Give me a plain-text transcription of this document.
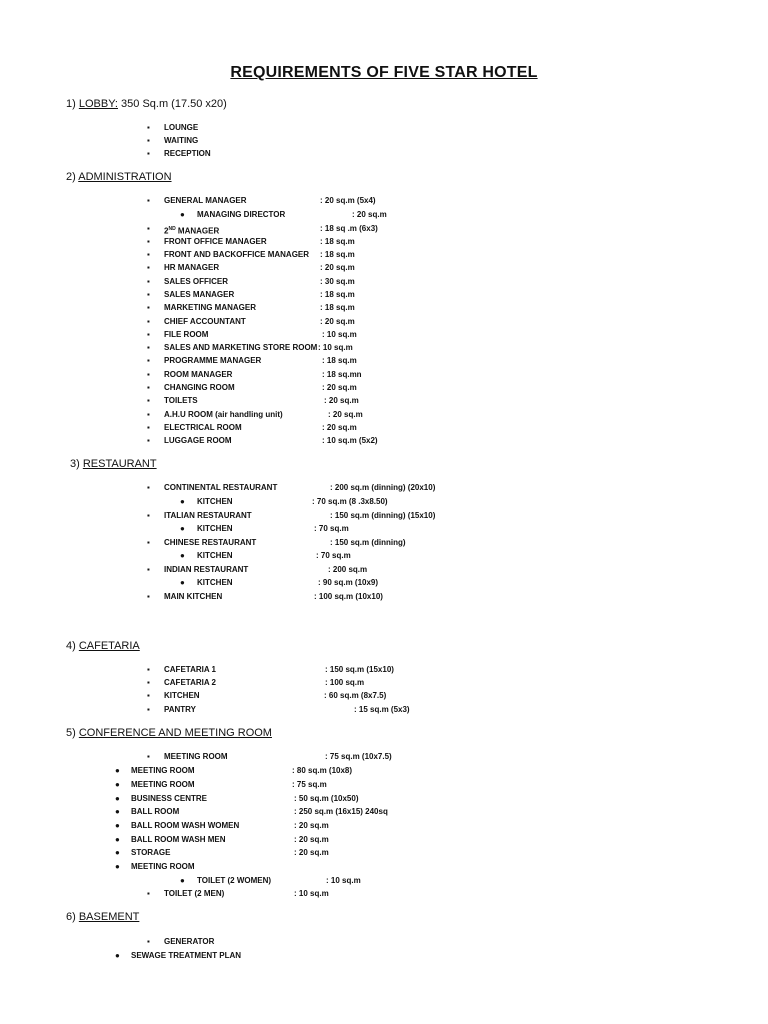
REQUIREMENTS OF FIVE STAR HOTEL
1) LOBBY: 350 Sq.m (17.50 x20)
2) ADMINISTRATION
3) RESTAURANT
4) CAFETARIA
5) CONFERENCE AND MEETING ROOM
6) BASEMENT
▪ LOUNGE
▪ WAITING
▪ RECEPTION
▪ GENERAL MANAGER	: 20 sq.m (5x4)
● MANAGING DIRECTOR	: 20 sq.m
▪ 2ND MANAGER	: 18 sq .m (6x3)
▪ FRONT OFFICE MANAGER	: 18 sq.m
▪ FRONT AND BACKOFFICE MANAGER : 18 sq.m
▪ HR MANAGER	: 20 sq.m
▪ SALES OFFICER	: 30 sq.m
▪ SALES MANAGER	: 18 sq.m
▪ MARKETING MANAGER	: 18 sq.m
▪ CHIEF ACCOUNTANT	: 20 sq.m
▪ FILE ROOM	: 10 sq.m
▪ SALES AND MARKETING STORE ROOM : 10 sq.m
▪ PROGRAMME MANAGER	: 18 sq.m
▪ ROOM MANAGER	: 18 sq.mn
▪ CHANGING ROOM	: 20 sq.m
▪ TOILETS	: 20 sq.m
▪ A.H.U ROOM (air handling unit)	: 20 sq.m
▪ ELECTRICAL ROOM	: 20 sq.m
▪ LUGGAGE ROOM	: 10 sq.m (5x2)
▪ CONTINENTAL RESTAURANT	: 200 sq.m (dinning) (20x10)
● KITCHEN	: 70 sq.m (8 .3x8.50)
▪ ITALIAN RESTAURANT	: 150 sq.m (dinning) (15x10)
● KITCHEN	: 70 sq.m
▪ CHINESE RESTAURANT	: 150 sq.m (dinning)
● KITCHEN	: 70 sq.m
▪ INDIAN RESTAURANT	: 200 sq.m
● KITCHEN	: 90 sq.m (10x9)
▪ MAIN KITCHEN	: 100 sq.m (10x10)
▪ CAFETARIA 1	: 150 sq.m (15x10)
▪ CAFETARIA 2	: 100 sq.m
▪ KITCHEN	: 60 sq.m (8x7.5)
▪ PANTRY	: 15 sq.m (5x3)
▪ MEETING ROOM	: 75 sq.m (10x7.5)
● MEETING ROOM	: 80 sq.m (10x8)
● MEETING ROOM	: 75 sq.m
● BUSINESS CENTRE	: 50 sq.m (10x50)
● BALL ROOM	: 250 sq.m (16x15) 240sq
● BALL ROOM WASH WOMEN	: 20 sq.m
● BALL ROOM WASH MEN	: 20 sq.m
● STORAGE	: 20 sq.m
● MEETING ROOM
● TOILET (2 WOMEN)	: 10 sq.m
▪ TOILET (2 MEN)	: 10 sq.m
▪ GENERATOR
● SEWAGE TREATMENT PLAN
